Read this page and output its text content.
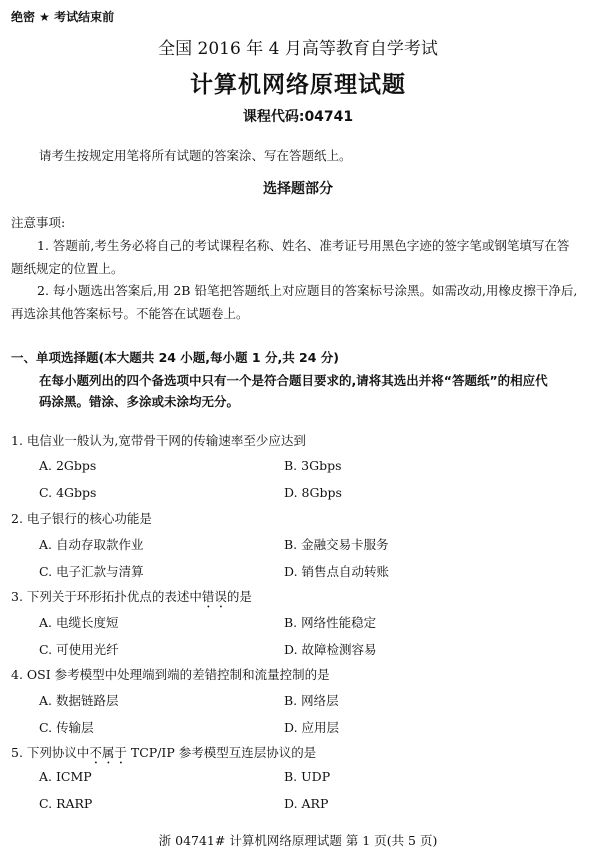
绝密 ★ 考试结束前
全国 2016 年 4 月高等教育自学考试
计算机网络原理试题
课程代码:04741
请考生按规定用笔将所有试题的答案涂、写在答题纸上。
选择题部分
注意事项:
1. 答题前,考生务必将自己的考试课程名称、姓名、准考证号用黑色字迹的签字笔或钢笔填写在答题纸规定的位置上。
2. 每小题选出答案后,用 2B 铅笔把答题纸上对应题目的答案标号涂黑。如需改动,用橡皮擦干净后,再选涂其他答案标号。不能答在试题卷上。
一、单项选择题(本大题共 24 小题,每小题 1 分,共 24 分)
在每小题列出的四个备选项中只有一个是符合题目要求的,请将其选出并将“答题纸”的相应代码涂黑。错涂、多涂或未涂均无分。
1. 电信业一般认为,宽带骨干网的传输速率至少应达到
A. 2Gbps	B. 3Gbps
C. 4Gbps	D. 8Gbps
2. 电子银行的核心功能是
A. 自动存取款作业	B. 金融交易卡服务
C. 电子汇款与清算	D. 销售点自动转账
3. 下列关于环形拓扑优点的表述中错误的是
A. 电缆长度短	B. 网络性能稳定
C. 可使用光纤	D. 故障检测容易
4. OSI 参考模型中处理端到端的差错控制和流量控制的是
A. 数据链路层	B. 网络层
C. 传输层	D. 应用层
5. 下列协议中不属于 TCP/IP 参考模型互连层协议的是
A. ICMP	B. UDP
C. RARP	D. ARP
浙 04741# 计算机网络原理试题 第 1 页(共 5 页)
